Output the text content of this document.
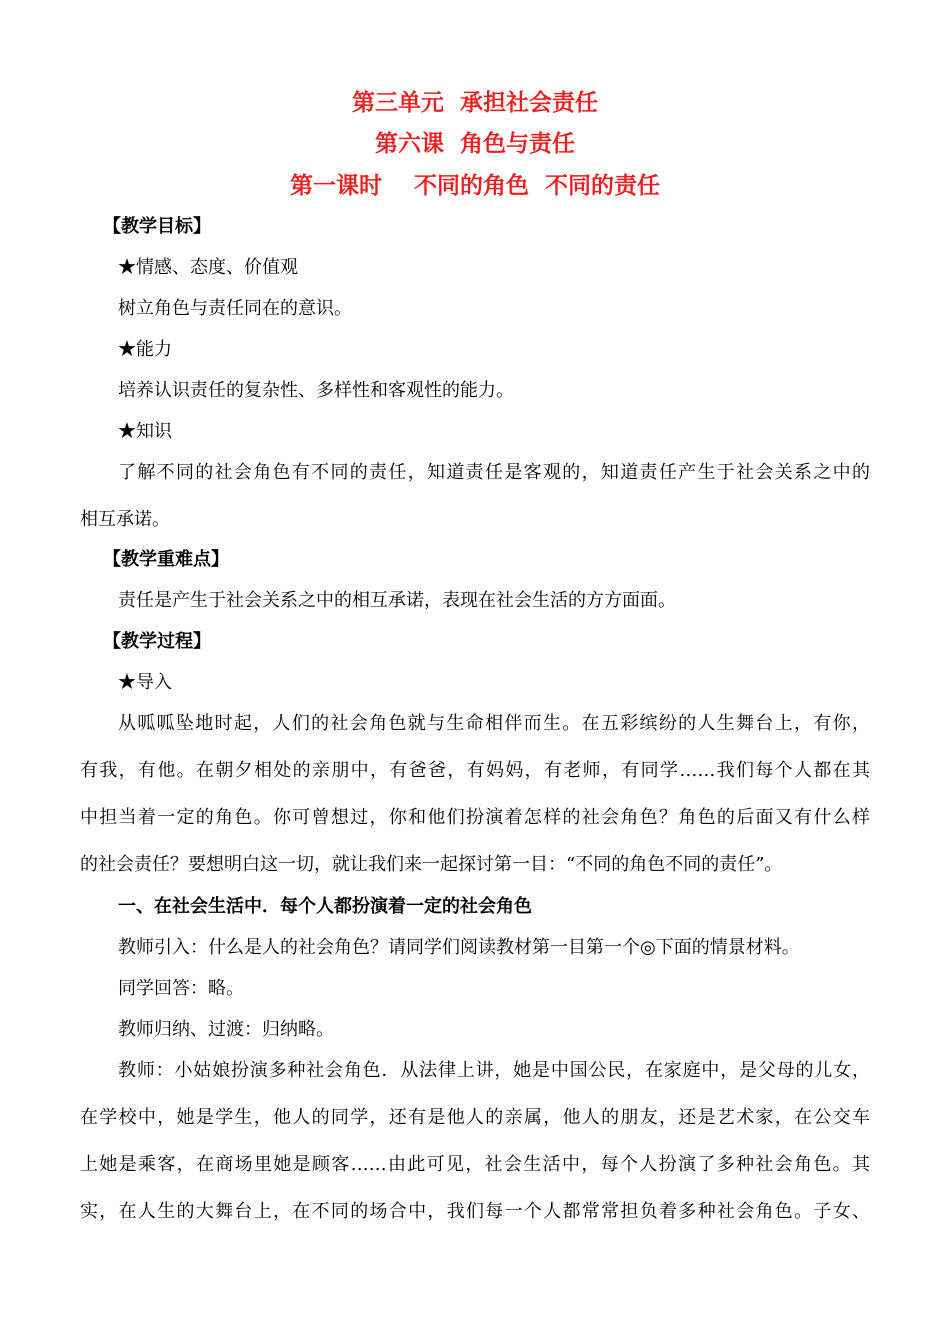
第三单元  承担社会责任
第六课  角色与责任
第一课时    不同的角色  不同的责任
【教学目标】
★情感、态度、价值观
树立角色与责任同在的意识。
★能力
培养认识责任的复杂性、多样性和客观性的能力。
★知识
了解不同的社会角色有不同的责任，知道责任是客观的，知道责任产生于社会关系之中的
相互承诺。
【教学重难点】
责任是产生于社会关系之中的相互承诺，表现在社会生活的方方面面。
【教学过程】
★导入
从呱呱坠地时起，人们的社会角色就与生命相伴而生。在五彩缤纷的人生舞台上，有你，
有我，有他。在朝夕相处的亲朋中，有爸爸，有妈妈，有老师，有同学……我们每个人都在其
中担当着一定的角色。你可曾想过，你和他们扮演着怎样的社会角色？角色的后面又有什么样
的社会责任？要想明白这一切，就让我们来一起探讨第一目：“不同的角色不同的责任”。
一、在社会生活中．每个人都扮演着一定的社会角色
教师引入：什么是人的社会角色？请同学们阅读教材第一目第一个◎下面的情景材料。
同学回答：略。
教师归纳、过渡：归纳略。
教师：小姑娘扮演多种社会角色．从法律上讲，她是中国公民，在家庭中，是父母的儿女，
在学校中，她是学生，他人的同学，还有是他人的亲属，他人的朋友，还是艺术家，在公交车
上她是乘客，在商场里她是顾客……由此可见，社会生活中，每个人扮演了多种社会角色。其
实，在人生的大舞台上，在不同的场合中，我们每一个人都常常担负着多种社会角色。子女、
